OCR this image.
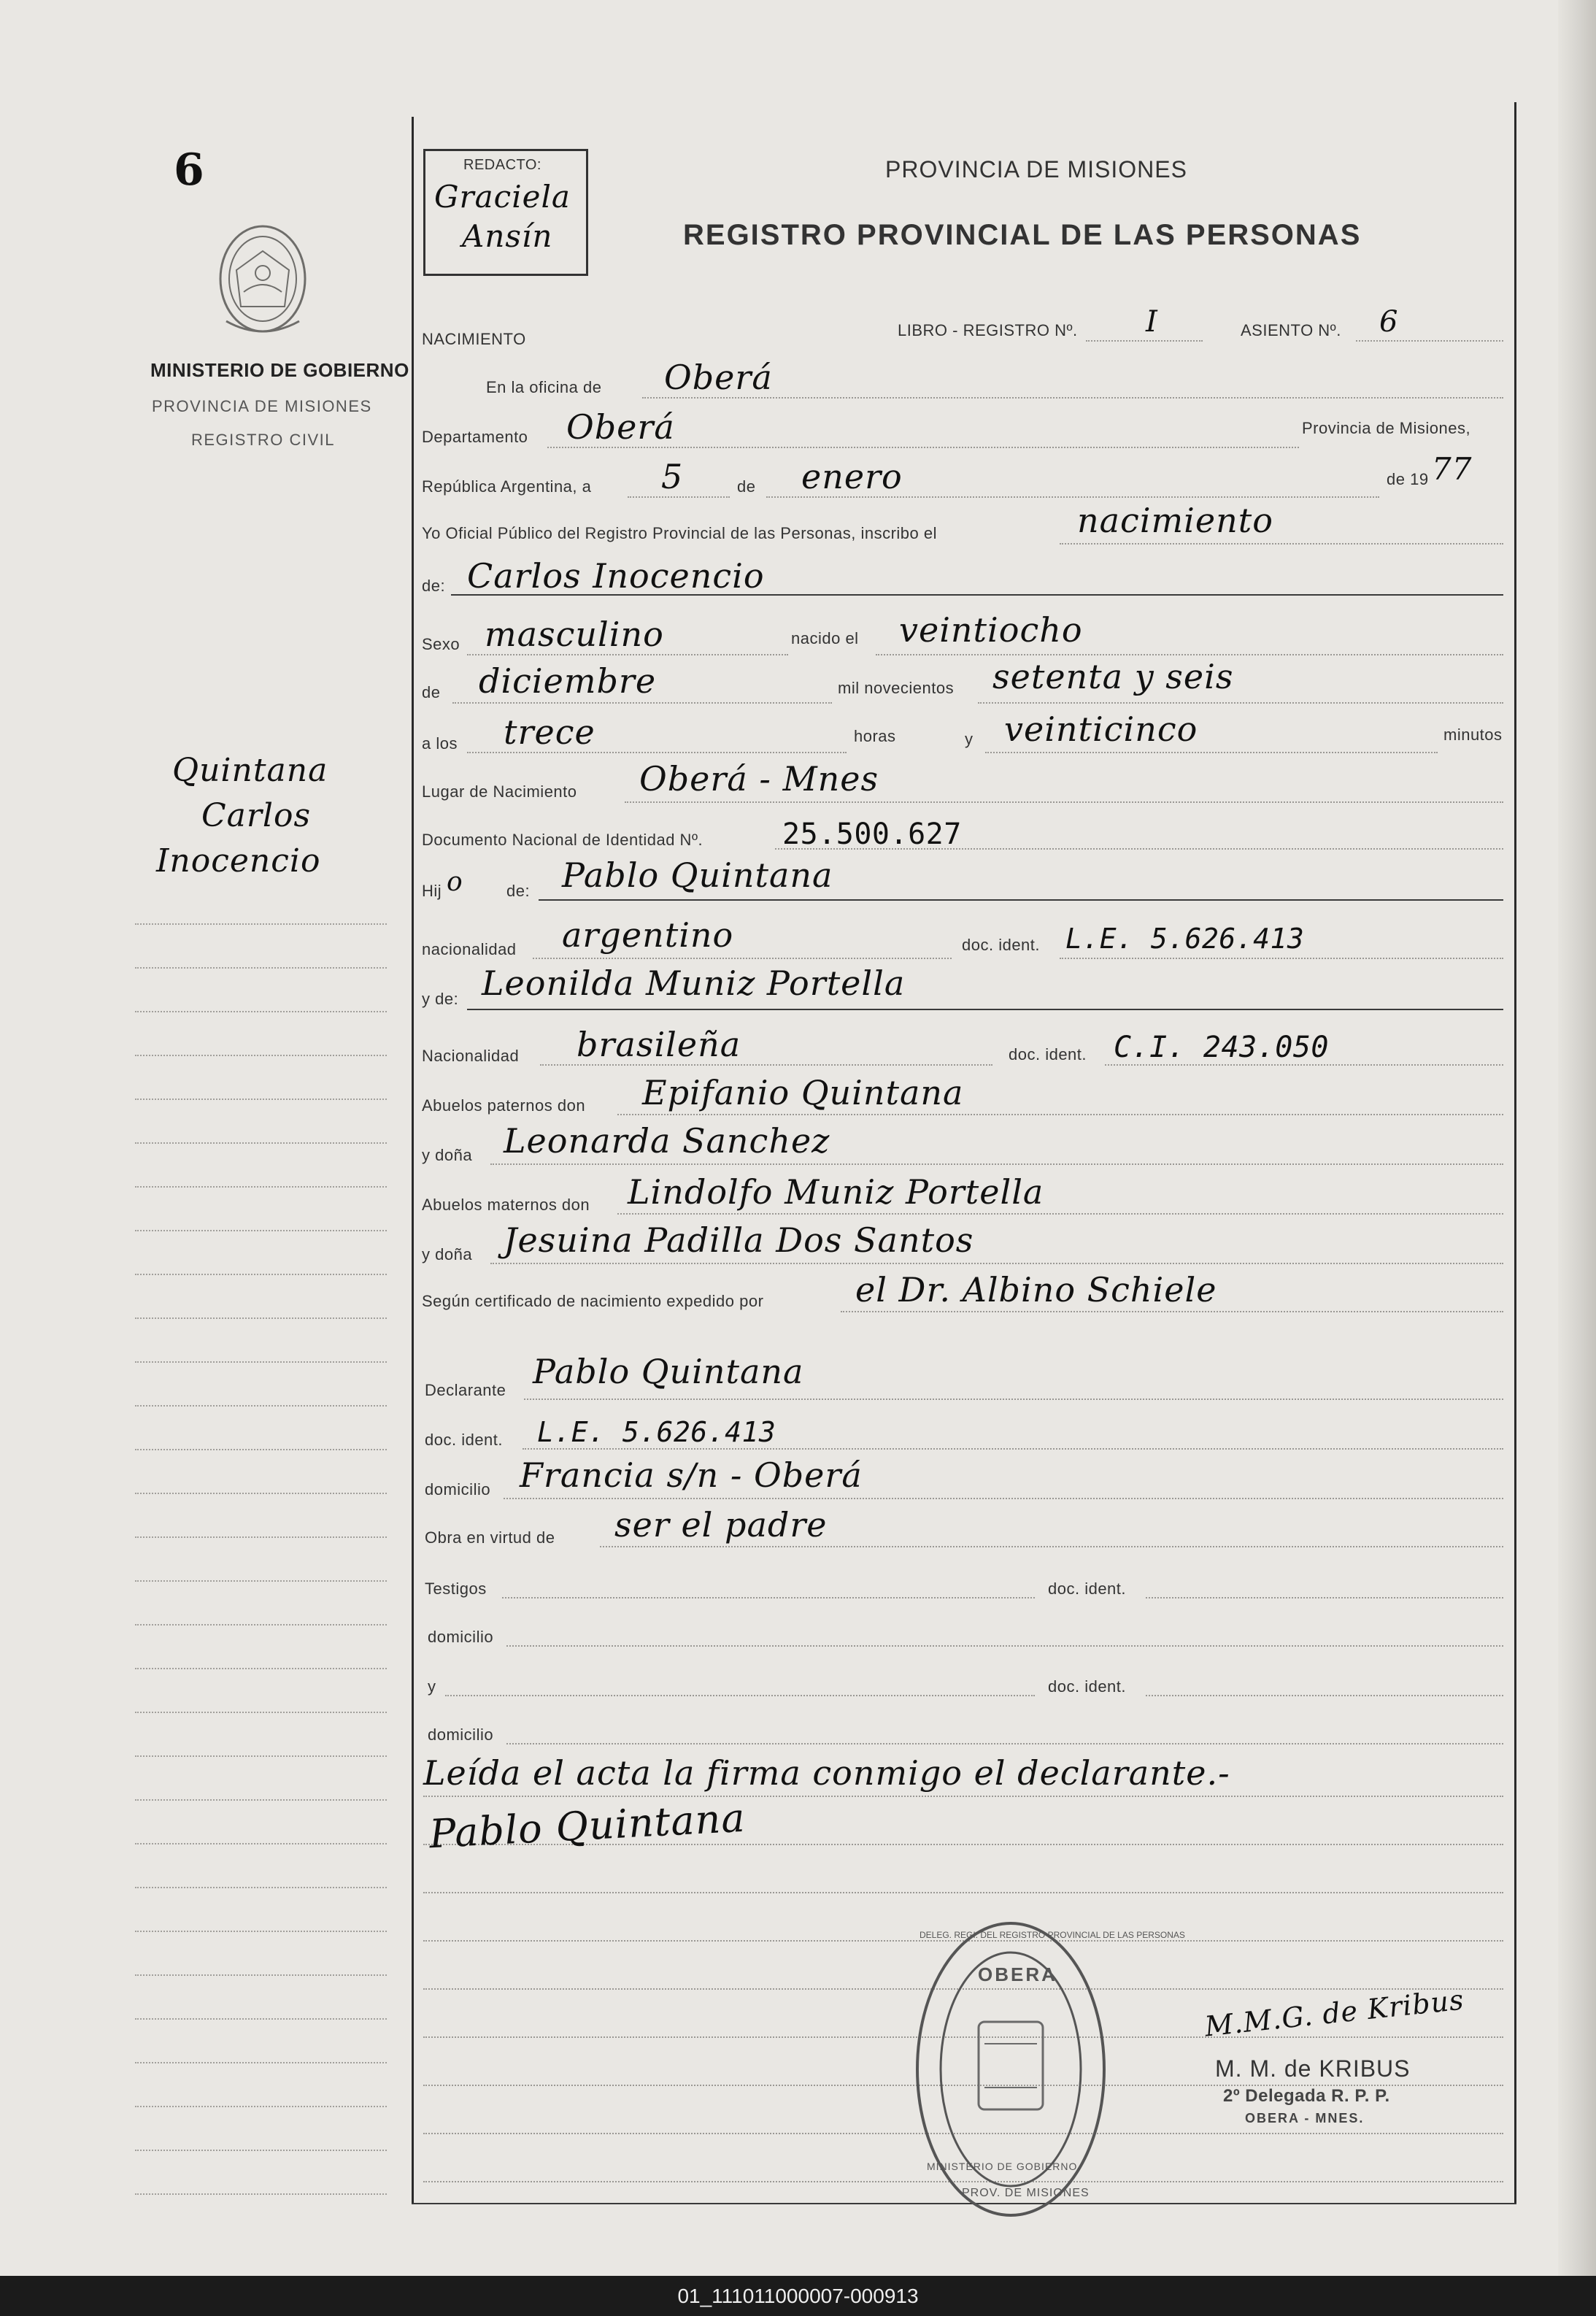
6
MINISTERIO DE GOBIERNO
PROVINCIA DE MISIONES
REGISTRO CIVIL
Quintana
Carlos
Inocencio
REDACTO:
Graciela
Ansín
PROVINCIA DE MISIONES
REGISTRO PROVINCIAL DE LAS PERSONAS
NACIMIENTO	LIBRO - REGISTRO Nº. I	ASIENTO Nº. 6
En la oficina de Oberá
Departamento Oberá	Provincia de Misiones,
República Argentina, a 5	de enero	de 19 77
Yo Oficial Público del Registro Provincial de las Personas, inscribo el	nacimiento
de: Carlos Inocencio
Sexo masculino	nacido el veintiocho
de diciembre	mil novecientos setenta y seis
a los trece	horas	y veinticinco	minutos
Lugar de Nacimiento Oberá - Mnes
Documento Nacional de Identidad Nº.	25.500.627
Hij o	de: Pablo Quintana
nacionalidad argentino	doc. ident. L.E. 5.626.413
y de: Leonilda Muniz Portella
Nacionalidad brasileña	doc. ident. C.I. 243.050
Abuelos paternos don Epifanio Quintana
y doña Leonarda Sanchez
Abuelos maternos don Lindolfo Muniz Portella
y doña Jesuina Padilla Dos Santos
Según certificado de nacimiento expedido por	el Dr. Albino Schiele
Declarante Pablo Quintana
doc. ident. L.E. 5.626.413
domicilio Francia s/n - Oberá
Obra en virtud de ser el padre
Testigos	doc. ident.
domicilio
y	doc. ident.
domicilio
Leída el acta la firma conmigo el declarante.-
Pablo Quintana
OBERA
MINISTERIO DE GOBIERNO
DELEG. REGI. DEL REGISTRO PROVINCIAL DE LAS PERSONAS
PROV. DE MISIONES
M.M.G. de Kribus
M. M. de KRIBUS
2º Delegada R. P. P.
OBERA - MNES.
01_111011000007-000913
